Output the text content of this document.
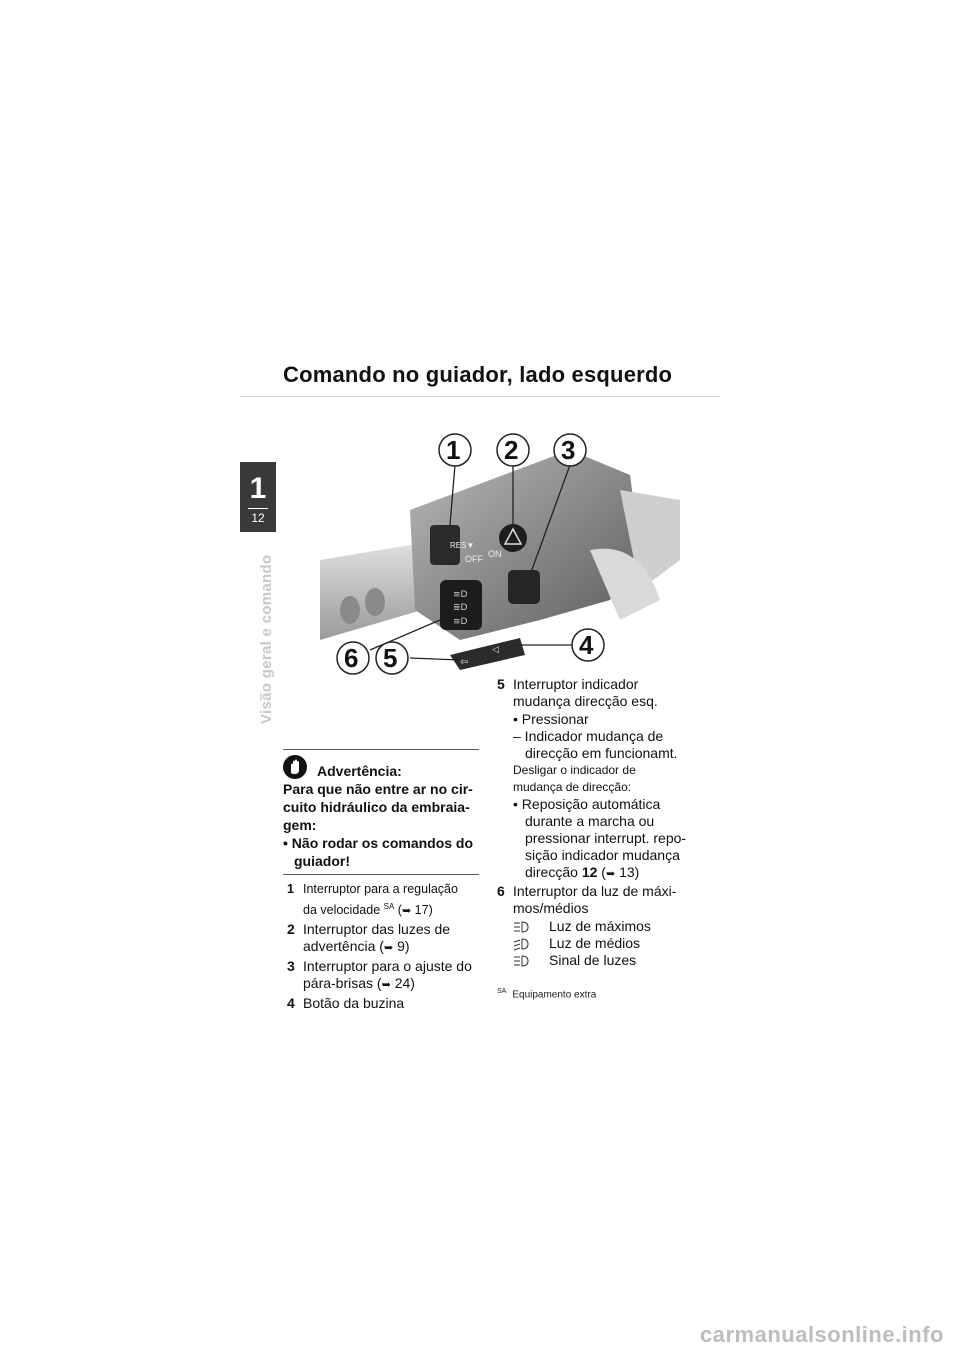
Comando no guiador, lado esquerdo
1
12
Visão geral e comando
RES▼
OFF ON
≡D
≣D
≡D
⇦
◁
1 2 3
4
5
6
Advertência:
Para que não entre ar no cir-
cuito hidráulico da embraia-
gem:
• Não rodar os comandos do guiador!
1 Interruptor para a regulação
da velocidade $^{SA}$ (➥ 17)
2 Interruptor das luzes de
advertência (➥ 9)
3 Interruptor para o ajuste do
pára-brisas (➥ 24)
4 Botão da buzina
5 Interruptor indicador
mudança direcção esq.
• Pressionar
– Indicador mudança de
direcção em funcionamt.
Desligar o indicador de
mudança de direcção:
• Reposição automática
durante a marcha ou
pressionar interrupt. repo-
sição indicador mudança
direcção 12 (➥ 13)
6 Interruptor da luz de máxi-
mos/médios
Luz de máximos
Luz de médios
Sinal de luzes
$^{SA}$ Equipamento extra
carmanualsonline.info
